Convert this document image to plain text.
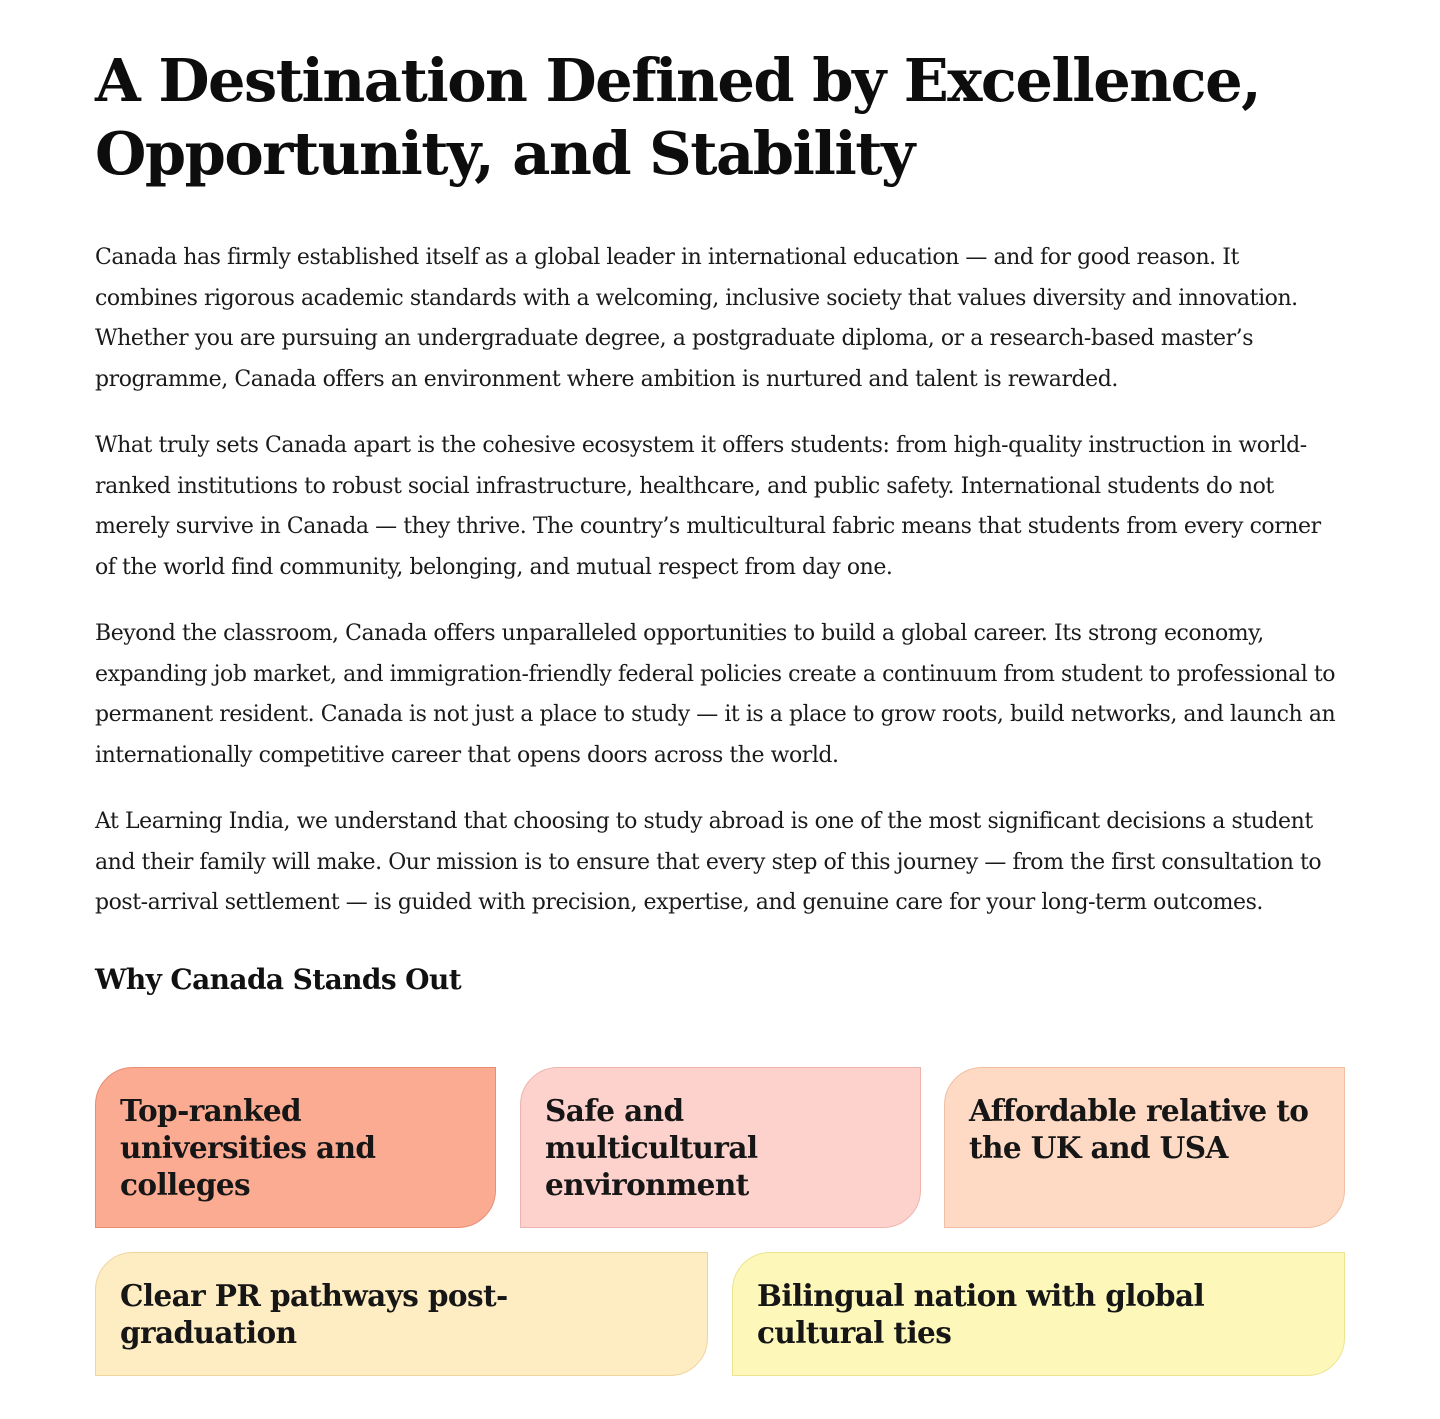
A Destination Defined by Excellence, Opportunity, and Stability

Canada has firmly established itself as a global leader in international education — and for good reason. It combines rigorous academic standards with a welcoming, inclusive society that values diversity and innovation. Whether you are pursuing an undergraduate degree, a postgraduate diploma, or a research-based master’s programme, Canada offers an environment where ambition is nurtured and talent is rewarded.

What truly sets Canada apart is the cohesive ecosystem it offers students: from high-quality instruction in world-ranked institutions to robust social infrastructure, healthcare, and public safety. International students do not merely survive in Canada — they thrive. The country’s multicultural fabric means that students from every corner of the world find community, belonging, and mutual respect from day one.

Beyond the classroom, Canada offers unparalleled opportunities to build a global career. Its strong economy, expanding job market, and immigration-friendly federal policies create a continuum from student to professional to permanent resident. Canada is not just a place to study — it is a place to grow roots, build networks, and launch an internationally competitive career that opens doors across the world.

At Learning India, we understand that choosing to study abroad is one of the most significant decisions a student and their family will make. Our mission is to ensure that every step of this journey — from the first consultation to post-arrival settlement — is guided with precision, expertise, and genuine care for your long-term outcomes.

Why Canada Stands Out
Top-ranked universities and colleges
Safe and multicultural environment
Affordable relative to the UK and USA
Clear PR pathways post-graduation
Bilingual nation with global cultural ties
